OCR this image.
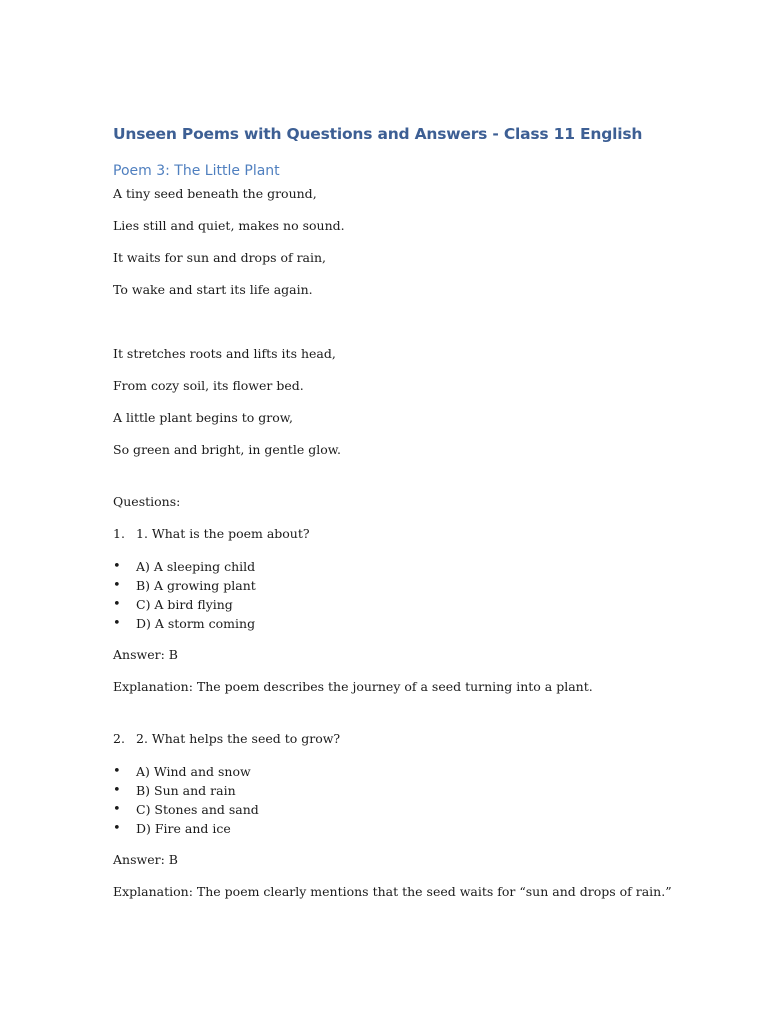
Unseen Poems with Questions and Answers - Class 11 English
Poem 3: The Little Plant
A tiny seed beneath the ground,
Lies still and quiet, makes no sound.
It waits for sun and drops of rain,
To wake and start its life again.
It stretches roots and lifts its head,
From cozy soil, its flower bed.
A little plant begins to grow,
So green and bright, in gentle glow.
Questions:
1. 1. What is the poem about?
• A) A sleeping child
• B) A growing plant
• C) A bird flying
• D) A storm coming
Answer: B
Explanation: The poem describes the journey of a seed turning into a plant.
2. 2. What helps the seed to grow?
• A) Wind and snow
• B) Sun and rain
• C) Stones and sand
• D) Fire and ice
Answer: B
Explanation: The poem clearly mentions that the seed waits for “sun and drops of rain.”
